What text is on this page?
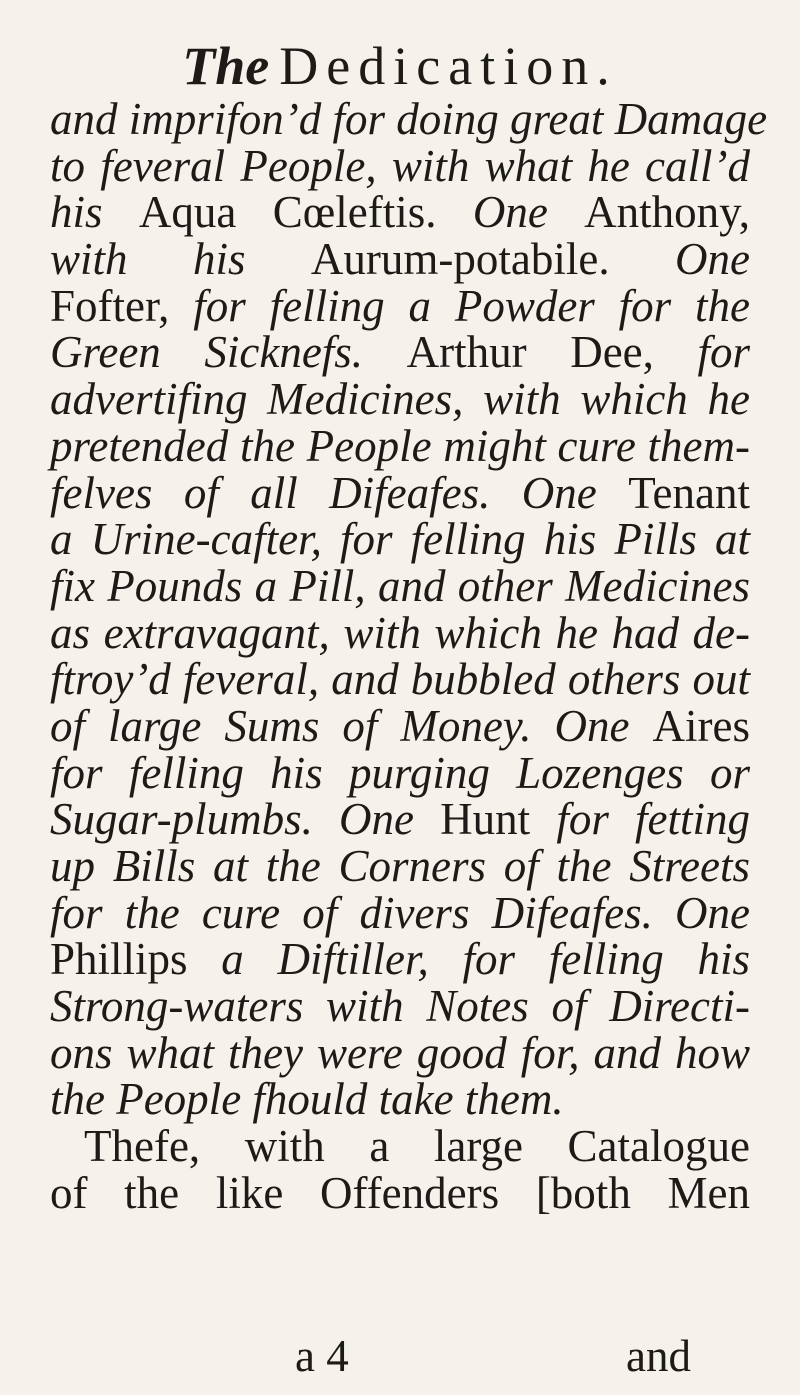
The Dedication.
and imprifon’d for doing great Damage
to feveral People, with what he call’d
his Aqua Cœleftis. One Anthony,
with his Aurum-potabile. One
Fofter, for felling a Powder for the
Green Sicknefs. Arthur Dee, for
advertifing Medicines, with which he
pretended the People might cure them-
felves of all Difeafes. One Tenant
a Urine-cafter, for felling his Pills at
fix Pounds a Pill, and other Medicines
as extravagant, with which he had de-
ftroy’d feveral, and bubbled others out
of large Sums of Money. One Aires
for felling his purging Lozenges or
Sugar-plumbs. One Hunt for fetting
up Bills at the Corners of the Streets
for the cure of divers Difeafes. One
Phillips a Diftiller, for felling his
Strong-waters with Notes of Directi-
ons what they were good for, and how
the People fhould take them.
Thefe, with a large Catalogue
of the like Offenders [both Men
a 4	and
